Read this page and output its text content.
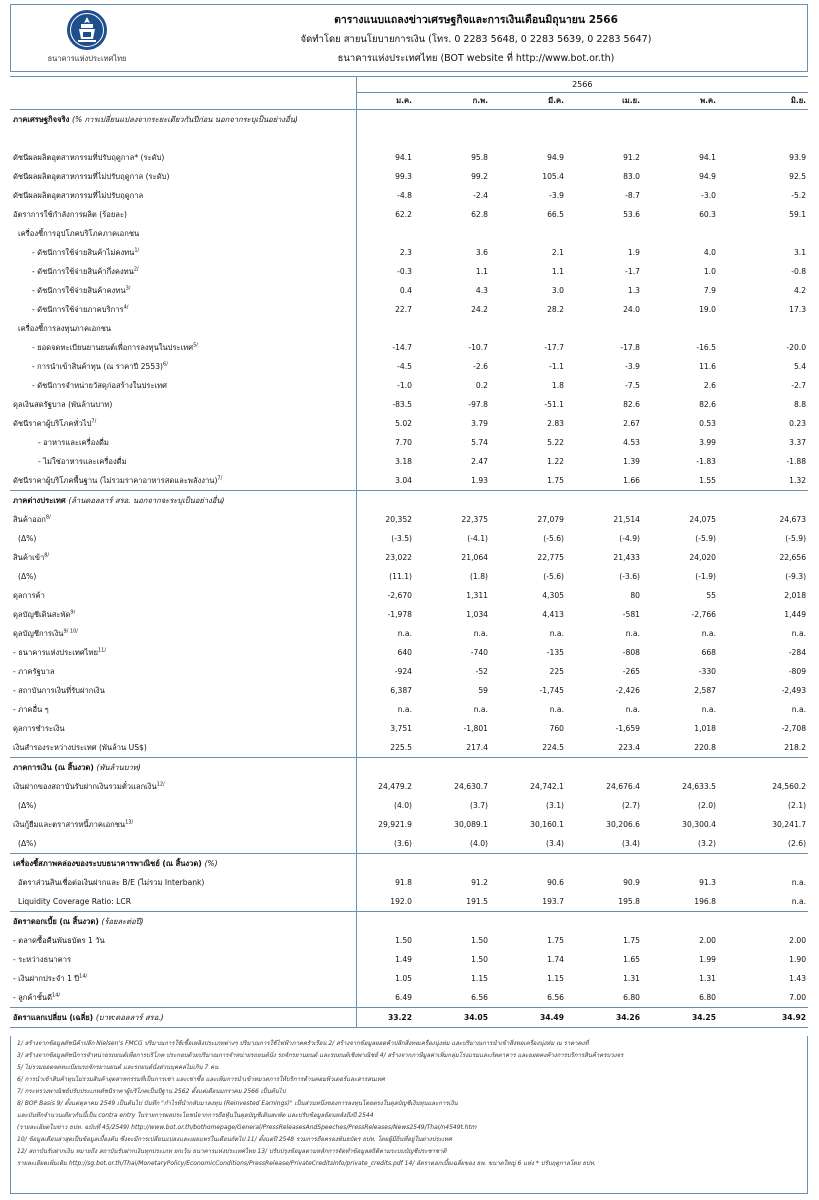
ธนาคารแห่งประเทศไทย
ตารางแนบแถลงข่าวเศรษฐกิจและการเงินเดือนมิถุนายน 2566
จัดทำโดย สายนโยบายการเงิน (โทร. 0 2283 5648, 0 2283 5639, 0 2283 5647)
ธนาคารแห่งประเทศไทย (BOT website ที่ http://www.bot.or.th)
	2566					
	ม.ค.	ก.พ.	มี.ค.	เม.ย.	พ.ค.	มิ.ย.
ภาคเศรษฐกิจจริง (% การเปลี่ยนแปลงจากระยะเดียวกันปีก่อน นอกจากระบุเป็นอย่างอื่น)						

ดัชนีผลผลิตอุตสาหกรรมที่ปรับฤดูกาล* (ระดับ)	94.1	95.8	94.9	91.2	94.1	93.9
ดัชนีผลผลิตอุตสาหกรรมที่ไม่ปรับฤดูกาล (ระดับ)	99.3	99.2	105.4	83.0	94.9	92.5
ดัชนีผลผลิตอุตสาหกรรมที่ไม่ปรับฤดูกาล	-4.8	-2.4	-3.9	-8.7	-3.0	-5.2
อัตราการใช้กำลังการผลิต (ร้อยละ)	62.2	62.8	66.5	53.6	60.3	59.1
เครื่องชี้การอุปโภคบริโภคภาคเอกชน						
- ดัชนีการใช้จ่ายสินค้าไม่คงทน$^{1/}$	2.3	3.6	2.1	1.9	4.0	3.1
- ดัชนีการใช้จ่ายสินค้ากึ่งคงทน$^{2/}$	-0.3	1.1	1.1	-1.7	1.0	-0.8
- ดัชนีการใช้จ่ายสินค้าคงทน$^{3/}$	0.4	4.3	3.0	1.3	7.9	4.2
- ดัชนีการใช้จ่ายภาคบริการ$^{4/}$	22.7	24.2	28.2	24.0	19.0	17.3
เครื่องชี้การลงทุนภาคเอกชน						
- ยอดจดทะเบียนยานยนต์เพื่อการลงทุนในประเทศ$^{5/}$	-14.7	-10.7	-17.7	-17.8	-16.5	-20.0
- การนำเข้าสินค้าทุน (ณ ราคาปี 2553)$^{6/}$	-4.5	-2.6	-1.1	-3.9	11.6	5.4
- ดัชนีการจำหน่ายวัสดุก่อสร้างในประเทศ	-1.0	0.2	1.8	-7.5	2.6	-2.7
ดุลเงินสดรัฐบาล (พันล้านบาท)	-83.5	-97.8	-51.1	82.6	82.6	8.8
ดัชนีราคาผู้บริโภคทั่วไป$^{7/}$	5.02	3.79	2.83	2.67	0.53	0.23
- อาหารและเครื่องดื่ม	7.70	5.74	5.22	4.53	3.99	3.37
- ไม่ใช่อาหารและเครื่องดื่ม	3.18	2.47	1.22	1.39	-1.83	-1.88
ดัชนีราคาผู้บริโภคพื้นฐาน (ไม่รวมราคาอาหารสดและพลังงาน)$^{7/}$	3.04	1.93	1.75	1.66	1.55	1.32
ภาคต่างประเทศ (ล้านดอลลาร์ สรอ. นอกจากจะระบุเป็นอย่างอื่น)						
สินค้าออก$^{8/}$	20,352	22,375	27,079	21,514	24,075	24,673
(Δ%)	(-3.5)	(-4.1)	(-5.6)	(-4.9)	(-5.9)	(-5.9)
สินค้าเข้า$^{8/}$	23,022	21,064	22,775	21,433	24,020	22,656
(Δ%)	(11.1)	(1.8)	(-5.6)	(-3.6)	(-1.9)	(-9.3)
ดุลการค้า	-2,670	1,311	4,305	80	55	2,018
ดุลบัญชีเดินสะพัด$^{9/}$	-1,978	1,034	4,413	-581	-2,766	1,449
ดุลบัญชีการเงิน$^{9/ 10/}$	n.a.	n.a.	n.a.	n.a.	n.a.	n.a.
- ธนาคารแห่งประเทศไทย$^{11/}$	640	-740	-135	-808	668	-284
- ภาครัฐบาล	-924	-52	225	-265	-330	-809
- สถาบันการเงินที่รับฝากเงิน	6,387	59	-1,745	-2,426	2,587	-2,493
- ภาคอื่น ๆ	n.a.	n.a.	n.a.	n.a.	n.a.	n.a.
ดุลการชำระเงิน	3,751	-1,801	760	-1,659	1,018	-2,708
เงินสำรองระหว่างประเทศ (พันล้าน US$)	225.5	217.4	224.5	223.4	220.8	218.2
ภาคการเงิน (ณ สิ้นงวด) (พันล้านบาท)						
เงินฝากของสถาบันรับฝากเงินรวมตั๋วแลกเงิน$^{12/}$	24,479.2	24,630.7	24,742.1	24,676.4	24,633.5	24,560.2
(Δ%)	(4.0)	(3.7)	(3.1)	(2.7)	(2.0)	(2.1)
เงินกู้ยืมและตราสารหนี้ภาคเอกชน$^{13/}$	29,921.9	30,089.1	30,160.1	30,206.6	30,300.4	30,241.7
(Δ%)	(3.6)	(4.0)	(3.4)	(3.4)	(3.2)	(2.6)
เครื่องชี้สภาพคล่องของระบบธนาคารพาณิชย์ (ณ สิ้นงวด) (%)						
อัตราส่วนสินเชื่อต่อเงินฝากและ B/E (ไม่รวม Interbank)	91.8	91.2	90.6	90.9	91.3	n.a.
Liquidity Coverage Ratio: LCR	192.0	191.5	193.7	195.8	196.8	n.a.
อัตราดอกเบี้ย (ณ สิ้นงวด) (ร้อยละต่อปี)						
- ตลาดซื้อคืนพันธบัตร 1 วัน	1.50	1.50	1.75	1.75	2.00	2.00
- ระหว่างธนาคาร	1.49	1.50	1.74	1.65	1.99	1.90
- เงินฝากประจำ 1 ปี$^{14/}$	1.05	1.15	1.15	1.31	1.31	1.43
- ลูกค้าชั้นดี$^{14/}$	6.49	6.56	6.56	6.80	6.80	7.00
อัตราแลกเปลี่ยน (เฉลี่ย) (บาท:ดอลลาร์ สรอ.)	33.22	34.05	34.49	34.26	34.25	34.92
1/ สร้างจากข้อมูลดัชนีค้าปลีก Nielsen's FMCG ปริมาณการใช้เชื้อเพลิงประเภทต่างๆ ปริมาณการใช้ไฟฟ้าภาคครัวเรือน 2/ สร้างจากข้อมูลยอดค้าปลีกสิ่งทอเครื่องนุ่งห่ม และปริมาณการนำเข้าสิ่งทอเครื่องนุ่งห่ม ณ ราคาคงที่
3/ สร้างจากข้อมูลดัชนีการจำหน่ายรถยนต์เพื่อการบริโภค ประกอบด้วยปริมาณการจำหน่ายรถยนต์นั่ง รถจักรยานยนต์ และรถยนต์เชิงพาณิชย์ 4/ สร้างจากภาษีมูลค่าเพิ่มกลุ่มโรงแรมและภัตตาคาร และยอดคงค้างการบริการสินค้าครบวงจร
5/ ไม่รวมยอดจดทะเบียนรถจักรยานยนต์ และรถยนต์นั่งส่วนบุคคลไม่เกิน 7 คน
6/ การนำเข้าสินค้าทุนไม่รวมสินค้าอุตสาหกรรมที่เป็นการเช่า และเช่าซื้อ และเพิ่มการนำเข้าหมวดการให้บริการด้านคอมพิวเตอร์และสารสนเทศ
7/ กระทรวงพาณิชย์ปรับประเภทดัชนีราคาผู้บริโภคเป็นปีฐาน 2562 ตั้งแต่เดือนมกราคม 2566 เป็นต้นไป
8/ BOP Basis 9/ ตั้งแต่ตุลาคม 2549 เป็นต้นไป บันทึก "กำไรที่นำกลับมาลงทุน (Reinvested Earnings)" เป็นส่วนหนึ่งของการลงทุนโดยตรงในดุลบัญชีเงินทุนและการเงิน
และบันทึกจำนวนเดียวกันนี้เป็น contra entry ในรายการผลประโยชน์จากการถือหุ้นในดุลบัญชีเดินสะพัด และปรับข้อมูลย้อนหลังถึงปี 2544
(รายละเอียดในข่าว ธปท. ฉบับที่ 45/2549) http://www.bot.or.th/bothomepage/General/PressReleasesAndSpeeches/PressReleases/News2549/Thai/n4549t.htm
10/ ข้อมูลเดือนล่าสุดเป็นข้อมูลเบื้องต้น ซึ่งจะมีการเปลี่ยนแปลงและเผยแพร่ในเดือนถัดไป 11/ ตั้งแต่ปี 2548 รวมการถือครองพันธบัตร ธปท. โดยผู้มีถิ่นที่อยู่ในต่างประเทศ
12/ สถาบันรับฝากเงิน หมายถึง สถาบันรับฝากเงินทุกประเภท ยกเว้น ธนาคารแห่งประเทศไทย 13/ ปรับปรุงข้อมูลตามหลักการจัดทำข้อมูลสถิติตามระบบบัญชีประชาชาติ
รายละเอียดเพิ่มเติม http://sg.bot.or.th/Thai/MonetaryPolicy/EconomicConditions/PressRelease/PrivateCreditsInfo/private_credits.pdf 14/ อัตราดอกเบี้ยเฉลี่ยของ ธพ. ขนาดใหญ่ 6 แห่ง * ปรับฤดูกาลโดย ธปท.
